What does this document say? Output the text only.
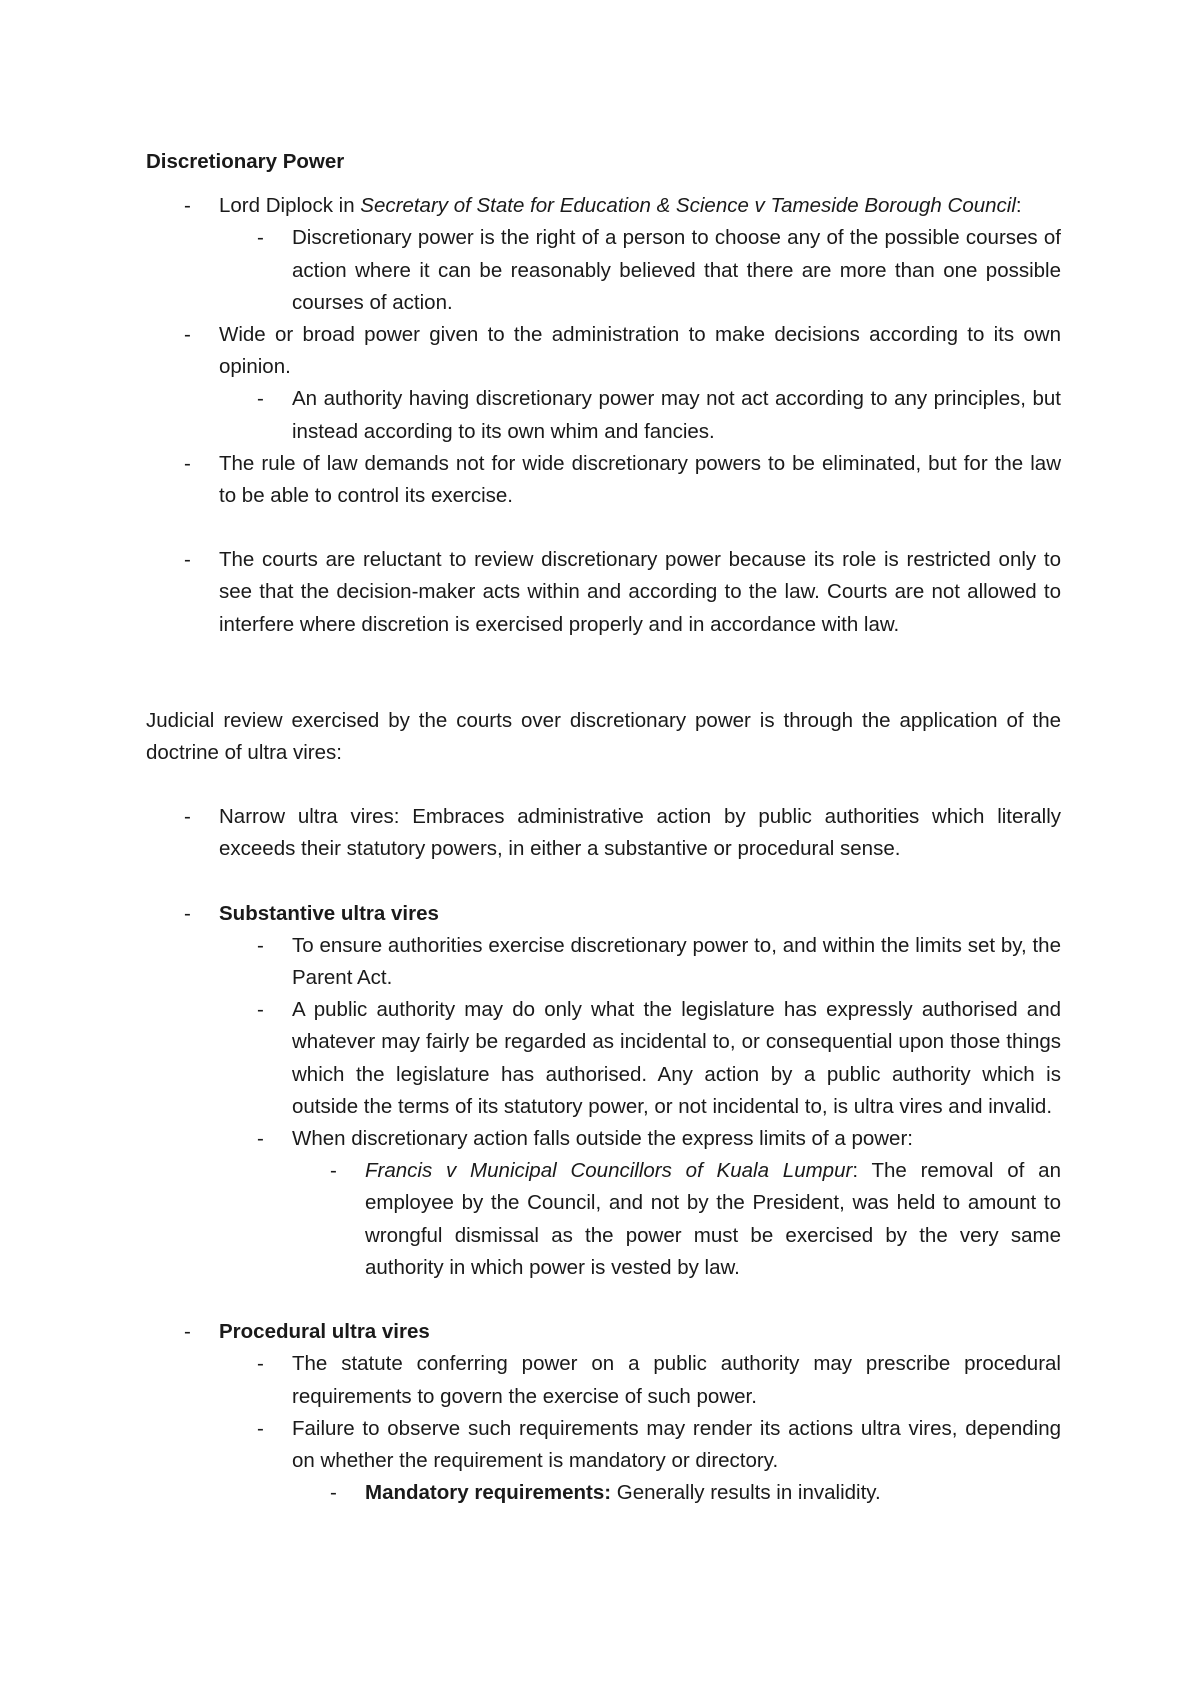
Discretionary Power
- Lord Diplock in Secretary of State for Education & Science v Tameside Borough Council:
- Discretionary power is the right of a person to choose any of the possible courses of action where it can be reasonably believed that there are more than one possible courses of action.
- Wide or broad power given to the administration to make decisions according to its own opinion.
- An authority having discretionary power may not act according to any principles, but instead according to its own whim and fancies.
- The rule of law demands not for wide discretionary powers to be eliminated, but for the law to be able to control its exercise.
- The courts are reluctant to review discretionary power because its role is restricted only to see that the decision-maker acts within and according to the law. Courts are not allowed to interfere where discretion is exercised properly and in accordance with law.

Judicial review exercised by the courts over discretionary power is through the application of the doctrine of ultra vires:

- Narrow ultra vires: Embraces administrative action by public authorities which literally exceeds their statutory powers, in either a substantive or procedural sense.
- Substantive ultra vires
- To ensure authorities exercise discretionary power to, and within the limits set by, the Parent Act.
- A public authority may do only what the legislature has expressly authorised and whatever may fairly be regarded as incidental to, or consequential upon those things which the legislature has authorised. Any action by a public authority which is outside the terms of its statutory power, or not incidental to, is ultra vires and invalid.
- When discretionary action falls outside the express limits of a power:
- Francis v Municipal Councillors of Kuala Lumpur: The removal of an employee by the Council, and not by the President, was held to amount to wrongful dismissal as the power must be exercised by the very same authority in which power is vested by law.
- Procedural ultra vires
- The statute conferring power on a public authority may prescribe procedural requirements to govern the exercise of such power.
- Failure to observe such requirements may render its actions ultra vires, depending on whether the requirement is mandatory or directory.
- Mandatory requirements: Generally results in invalidity.
